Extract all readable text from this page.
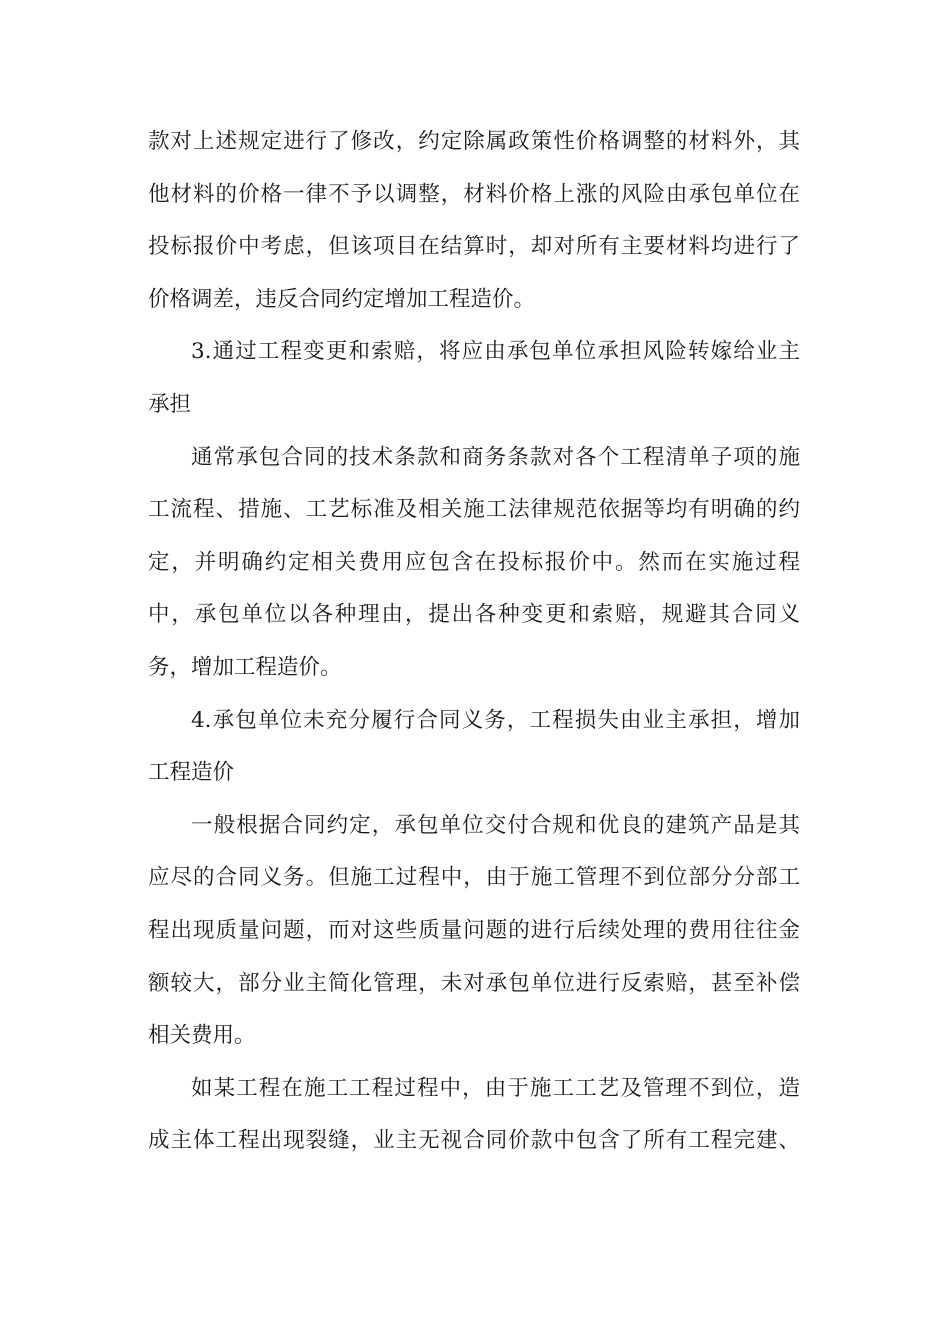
款对上述规定进行了修改，约定除属政策性价格调整的材料外，其
他材料的价格一律不予以调整，材料价格上涨的风险由承包单位在
投标报价中考虑，但该项目在结算时，却对所有主要材料均进行了
价格调差，违反合同约定增加工程造价。
3.通过工程变更和索赔，将应由承包单位承担风险转嫁给业主
承担
通常承包合同的技术条款和商务条款对各个工程清单子项的施
工流程、措施、工艺标准及相关施工法律规范依据等均有明确的约
定，并明确约定相关费用应包含在投标报价中。然而在实施过程
中，承包单位以各种理由，提出各种变更和索赔，规避其合同义
务，增加工程造价。
4.承包单位未充分履行合同义务，工程损失由业主承担，增加
工程造价
一般根据合同约定，承包单位交付合规和优良的建筑产品是其
应尽的合同义务。但施工过程中，由于施工管理不到位部分分部工
程出现质量问题，而对这些质量问题的进行后续处理的费用往往金
额较大，部分业主简化管理，未对承包单位进行反索赔，甚至补偿
相关费用。
如某工程在施工工程过程中，由于施工工艺及管理不到位，造
成主体工程出现裂缝，业主无视合同价款中包含了所有工程完建、
